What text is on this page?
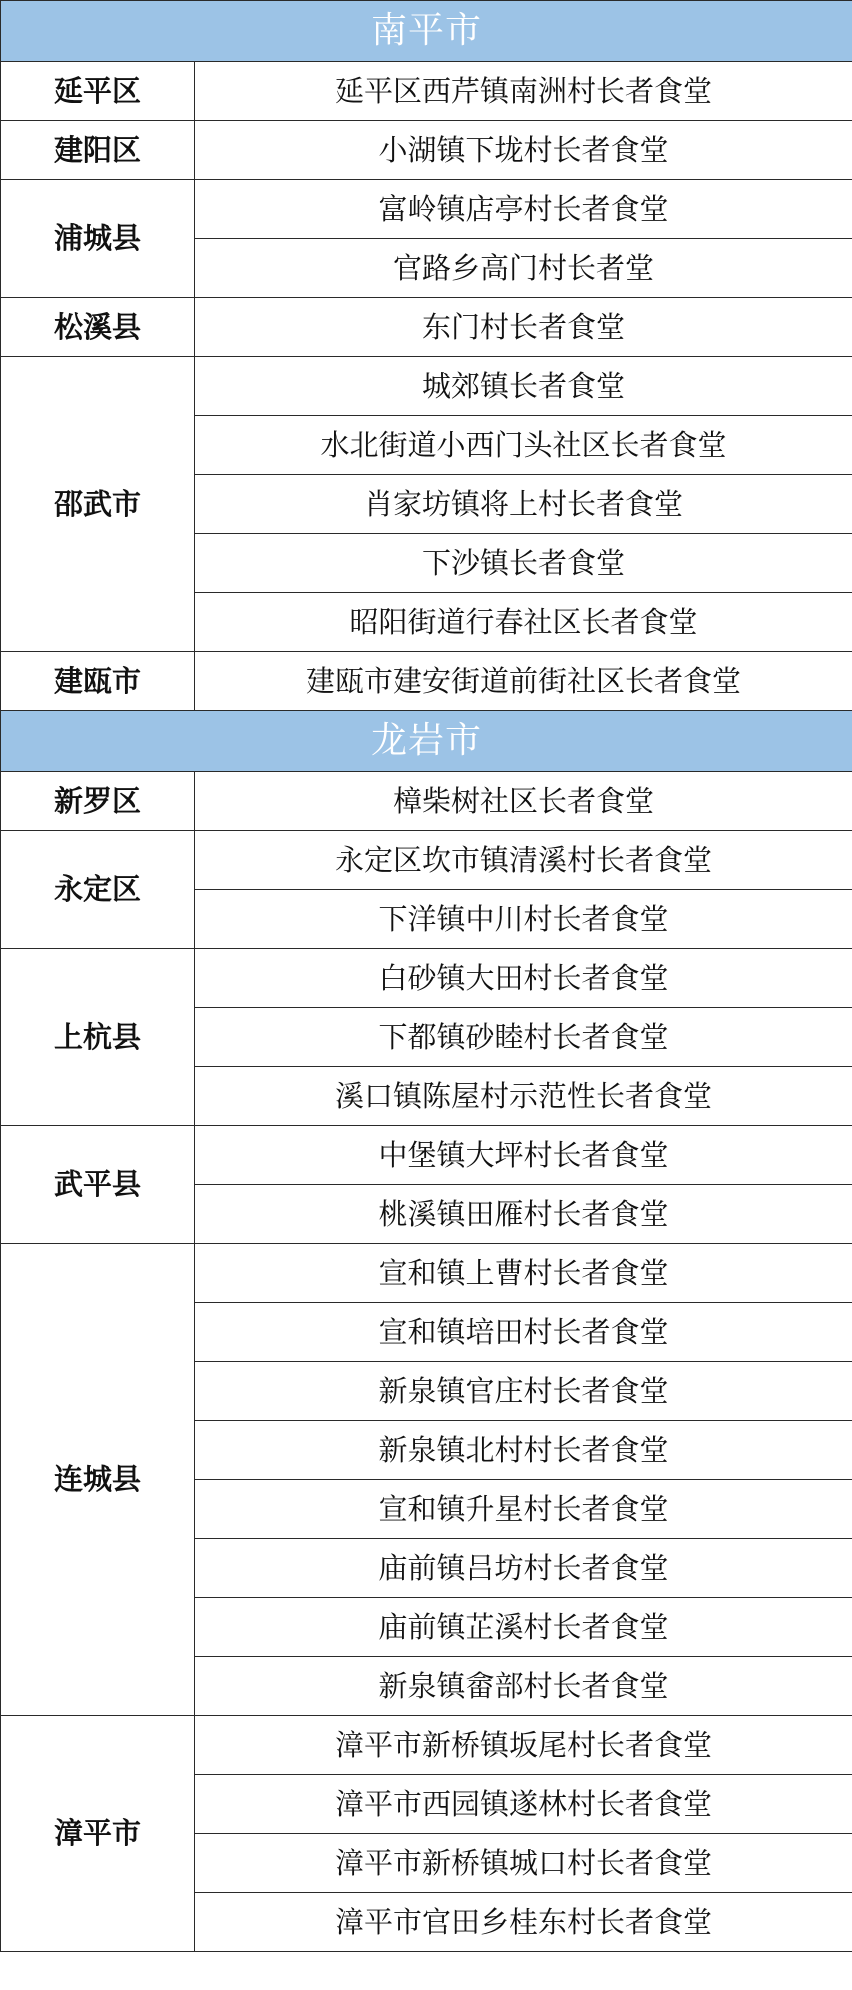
南平市	
延平区	延平区西芹镇南洲村长者食堂
建阳区	小湖镇下垅村长者食堂
浦城县	富岭镇店亭村长者食堂
	官路乡高门村长者堂
松溪县	东门村长者食堂
邵武市	城郊镇长者食堂
	水北街道小西门头社区长者食堂
	肖家坊镇将上村长者食堂
	下沙镇长者食堂
	昭阳街道行春社区长者食堂
建瓯市	建瓯市建安街道前街社区长者食堂
龙岩市	
新罗区	樟柴树社区长者食堂
永定区	永定区坎市镇清溪村长者食堂
	下洋镇中川村长者食堂
上杭县	白砂镇大田村长者食堂
	下都镇砂睦村长者食堂
	溪口镇陈屋村示范性长者食堂
武平县	中堡镇大坪村长者食堂
	桃溪镇田雁村长者食堂
连城县	宣和镇上曹村长者食堂
	宣和镇培田村长者食堂
	新泉镇官庄村长者食堂
	新泉镇北村村长者食堂
	宣和镇升星村长者食堂
	庙前镇吕坊村长者食堂
	庙前镇芷溪村长者食堂
	新泉镇畲部村长者食堂
漳平市	漳平市新桥镇坂尾村长者食堂
	漳平市西园镇遂林村长者食堂
	漳平市新桥镇城口村长者食堂
	漳平市官田乡桂东村长者食堂
